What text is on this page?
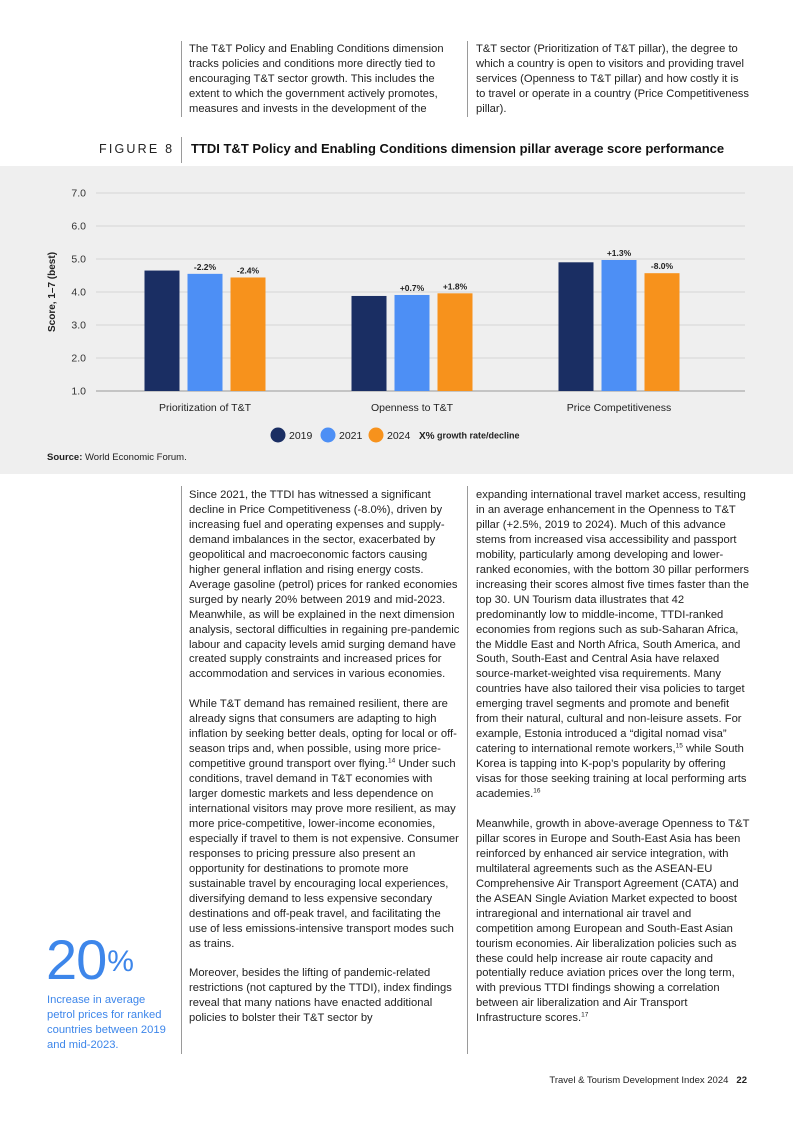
The T&T Policy and Enabling Conditions dimension tracks policies and conditions more directly tied to encouraging T&T sector growth. This includes the extent to which the government actively promotes, measures and invests in the development of the

T&T sector (Prioritization of T&T pillar), the degree to which a country is open to visitors and providing travel services (Openness to T&T pillar) and how costly it is to travel or operate in a country (Price Competitiveness pillar).

FIGURE 8 TTDI T&T Policy and Enabling Conditions dimension pillar average score performance
1.0
2.0
3.0
4.0
5.0
6.0
7.0
Score, 1–7 (best)	-2.2% -2.4%
Prioritization of T&T
+0.7% +1.8%
Openness to T&T
+1.3%
-8.0%
Price Competitiveness
2019	2021 2024 X% growth rate/decline
Source: World Economic Forum.

Since 2021, the TTDI has witnessed a significant decline in Price Competitiveness (-8.0%), driven by increasing fuel and operating expenses and supply-demand imbalances in the sector, exacerbated by geopolitical and macroeconomic factors causing higher general inflation and rising energy costs. Average gasoline (petrol) prices for ranked economies surged by nearly 20% between 2019 and mid-2023. Meanwhile, as will be explained in the next dimension analysis, sectoral difficulties in regaining pre-pandemic labour and capacity levels amid surging demand have created supply constraints and increased prices for accommodation and services in various economies.

While T&T demand has remained resilient, there are already signs that consumers are adapting to high inflation by seeking better deals, opting for local or off-season trips and, when possible, using more price-competitive ground transport over flying.$^{14}$ Under such conditions, travel demand in T&T economies with larger domestic markets and less dependence on international visitors may prove more resilient, as may more price-competitive, lower-income economies, especially if travel to them is not expensive. Consumer responses to pricing pressure also present an opportunity for destinations to promote more sustainable travel by encouraging local experiences, diversifying demand to less expensive secondary destinations and off-peak travel, and facilitating the use of less emissions-intensive transport modes such as trains.

Moreover, besides the lifting of pandemic-related restrictions (not captured by the TTDI), index findings reveal that many nations have enacted additional policies to bolster their T&T sector by

expanding international travel market access, resulting in an average enhancement in the Openness to T&T pillar (+2.5%, 2019 to 2024). Much of this advance stems from increased visa accessibility and passport mobility, particularly among developing and lower-ranked economies, with the bottom 30 pillar performers increasing their scores almost five times faster than the top 30. UN Tourism data illustrates that 42 predominantly low to middle-income, TTDI-ranked economies from regions such as sub-Saharan Africa, the Middle East and North Africa, South America, and South, South-East and Central Asia have relaxed source-market-weighted visa requirements. Many countries have also tailored their visa policies to target emerging travel segments and promote and benefit from their natural, cultural and non-leisure assets. For example, Estonia introduced a “digital nomad visa” catering to international remote workers,$^{15}$ while South Korea is tapping into K-pop’s popularity by offering visas for those seeking training at local performing arts academies.$^{16}$

Meanwhile, growth in above-average Openness to T&T pillar scores in Europe and South-East Asia has been reinforced by enhanced air service integration, with multilateral agreements such as the ASEAN-EU Comprehensive Air Transport Agreement (CATA) and the ASEAN Single Aviation Market expected to boost intraregional and international air travel and competition among European and South-East Asian tourism economies. Air liberalization policies such as these could help increase air route capacity and potentially reduce aviation prices over the long term, with previous TTDI findings showing a correlation between air liberalization and Air Transport Infrastructure scores.$^{17}$

20%
Increase in average petrol prices for ranked countries between 2019 and mid-2023.
Travel & Tourism Development Index 2024 22
